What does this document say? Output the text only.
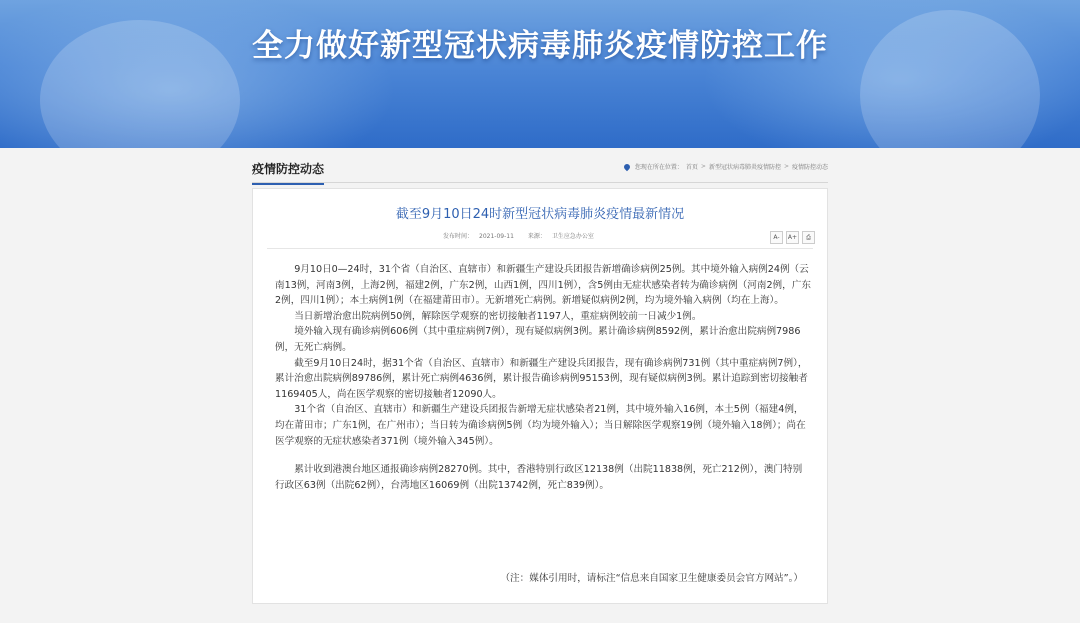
全力做好新型冠状病毒肺炎疫情防控工作
疫情防控动态	您现在所在位置： 首页 > 新型冠状病毒肺炎疫情防控 > 疫情防控动态
截至9月10日24时新型冠状病毒肺炎疫情最新情况
发布时间： 2021-09-11 来源： 卫生应急办公室	A-	A+	⎙

9月10日0—24时，31个省（自治区、直辖市）和新疆生产建设兵团报告新增确诊病例25例。其中境外输入病例24例（云南13例，河南3例，上海2例，福建2例，广东2例，山西1例，四川1例），含5例由无症状感染者转为确诊病例（河南2例，广东2例，四川1例）；本土病例1例（在福建莆田市）。无新增死亡病例。新增疑似病例2例，均为境外输入病例（均在上海）。

当日新增治愈出院病例50例，解除医学观察的密切接触者1197人，重症病例较前一日减少1例。

境外输入现有确诊病例606例（其中重症病例7例），现有疑似病例3例。累计确诊病例8592例，累计治愈出院病例7986例，无死亡病例。

截至9月10日24时，据31个省（自治区、直辖市）和新疆生产建设兵团报告，现有确诊病例731例（其中重症病例7例），累计治愈出院病例89786例，累计死亡病例4636例，累计报告确诊病例95153例，现有疑似病例3例。累计追踪到密切接触者1169405人，尚在医学观察的密切接触者12090人。

31个省（自治区、直辖市）和新疆生产建设兵团报告新增无症状感染者21例，其中境外输入16例，本土5例（福建4例，均在莆田市；广东1例，在广州市）；当日转为确诊病例5例（均为境外输入）；当日解除医学观察19例（境外输入18例）；尚在医学观察的无症状感染者371例（境外输入345例）。

累计收到港澳台地区通报确诊病例28270例。其中，香港特别行政区12138例（出院11838例，死亡212例），澳门特别行政区63例（出院62例），台湾地区16069例（出院13742例，死亡839例）。

（注：媒体引用时，请标注“信息来自国家卫生健康委员会官方网站”。）
